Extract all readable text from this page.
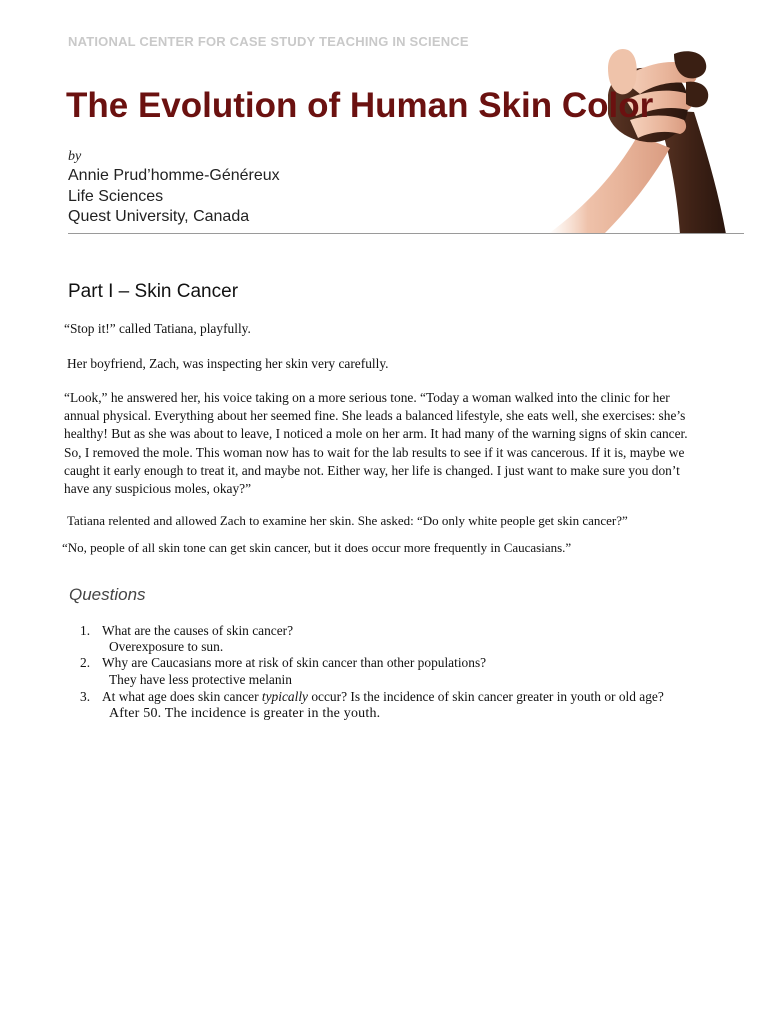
NATIONAL CENTER FOR CASE STUDY TEACHING IN SCIENCE
The Evolution of Human Skin Color
by
Annie Prud’homme-Généreux
Life Sciences
Quest University, Canada
Part I – Skin Cancer
“Stop it!” called Tatiana, playfully.
Her boyfriend, Zach, was inspecting her skin very carefully.
“Look,” he answered her, his voice taking on a more serious tone. “Today a woman walked into the clinic for her annual physical. Everything about her seemed fine. She leads a balanced lifestyle, she eats well, she exercises: she’s healthy! But as she was about to leave, I noticed a mole on her arm. It had many of the warning signs of skin cancer. So, I removed the mole. This woman now has to wait for the lab results to see if it was cancerous. If it is, maybe we caught it early enough to treat it, and maybe not. Either way, her life is changed. I just want to make sure you don’t have any suspicious moles, okay?”
Tatiana relented and allowed Zach to examine her skin. She asked: “Do only white people get skin cancer?”
“No, people of all skin tone can get skin cancer, but it does occur more frequently in Caucasians.”
Questions
1. What are the causes of skin cancer?
Overexposure to sun.
2. Why are Caucasians more at risk of skin cancer than other populations?
They have less protective melanin
3. At what age does skin cancer typically occur? Is the incidence of skin cancer greater in youth or old age?
After 50. The incidence is greater in the youth.
